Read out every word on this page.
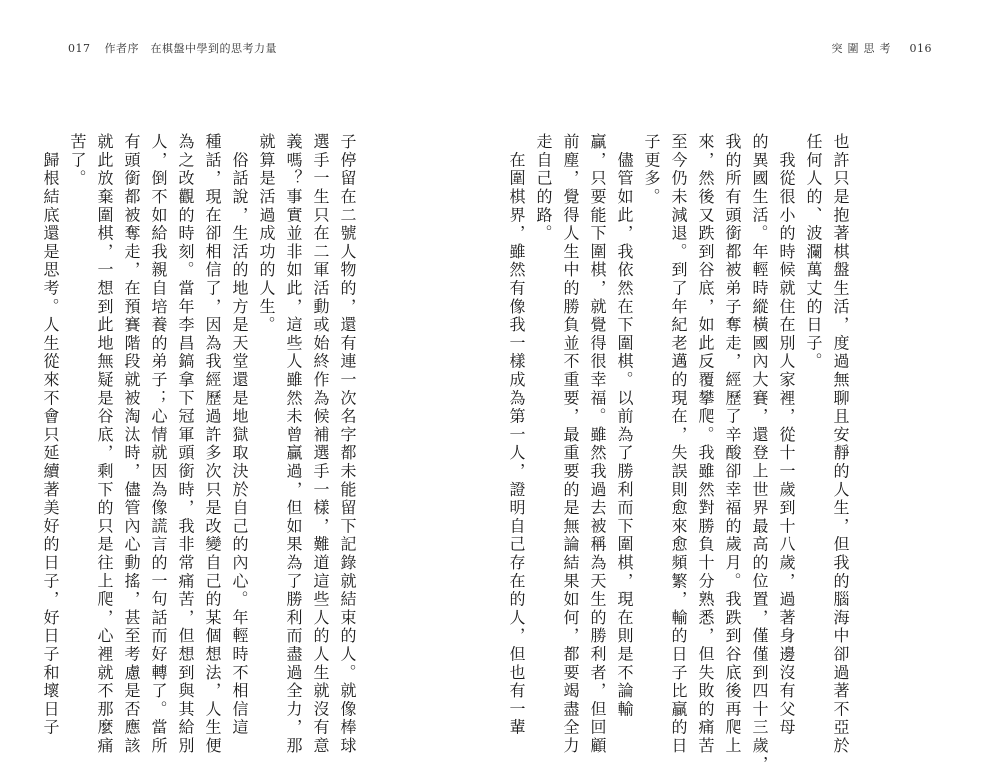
017 作者序　在棋盤中學到的思考力量	突圍思考 016
也許只是抱著棋盤生活，度過無聊且安靜的人生，但我的腦海中卻過著不亞於
任何人的、波瀾萬丈的日子。
　我從很小的時候就住在別人家裡，從十一歲到十八歲，過著身邊沒有父母
的異國生活。年輕時縱橫國內大賽，還登上世界最高的位置，僅僅到四十三歲，
我的所有頭銜都被弟子奪走，經歷了辛酸卻幸福的歲月。我跌到谷底後再爬上
來，然後又跌到谷底，如此反覆攀爬。我雖然對勝負十分熟悉，但失敗的痛苦
至今仍未減退。到了年紀老邁的現在，失誤則愈來愈頻繁，輸的日子比贏的日
子更多。
　儘管如此，我依然在下圍棋。以前為了勝利而下圍棋，現在則是不論輸
贏，只要能下圍棋，就覺得很幸福。雖然我過去被稱為天生的勝利者，但回顧
前塵，覺得人生中的勝負並不重要，最重要的是無論結果如何，都要竭盡全力
走自己的路。
　在圍棋界，雖然有像我一樣成為第一人，證明自己存在的人，但也有一輩
子停留在二號人物的，還有連一次名字都未能留下記錄就結束的人。就像棒球
選手一生只在二軍活動或始終作為候補選手一樣，難道這些人的人生就沒有意
義嗎？事實並非如此，這些人雖然未曾贏過，但如果為了勝利而盡過全力，那
就算是活過成功的人生。
　俗話說，生活的地方是天堂還是地獄取決於自己的內心。年輕時不相信這
種話，現在卻相信了，因為我經歷過許多次只是改變自己的某個想法，人生便
為之改觀的時刻。當年李昌鎬拿下冠軍頭銜時，我非常痛苦，但想到與其給別
人，倒不如給我親自培養的弟子；心情就因為像謊言的一句話而好轉了。當所
有頭銜都被奪走，在預賽階段就被淘汰時，儘管內心動搖，甚至考慮是否應該
就此放棄圍棋，一想到此地無疑是谷底，剩下的只是往上爬，心裡就不那麼痛
苦了。
　歸根結底還是思考。人生從來不會只延續著美好的日子，好日子和壞日子
